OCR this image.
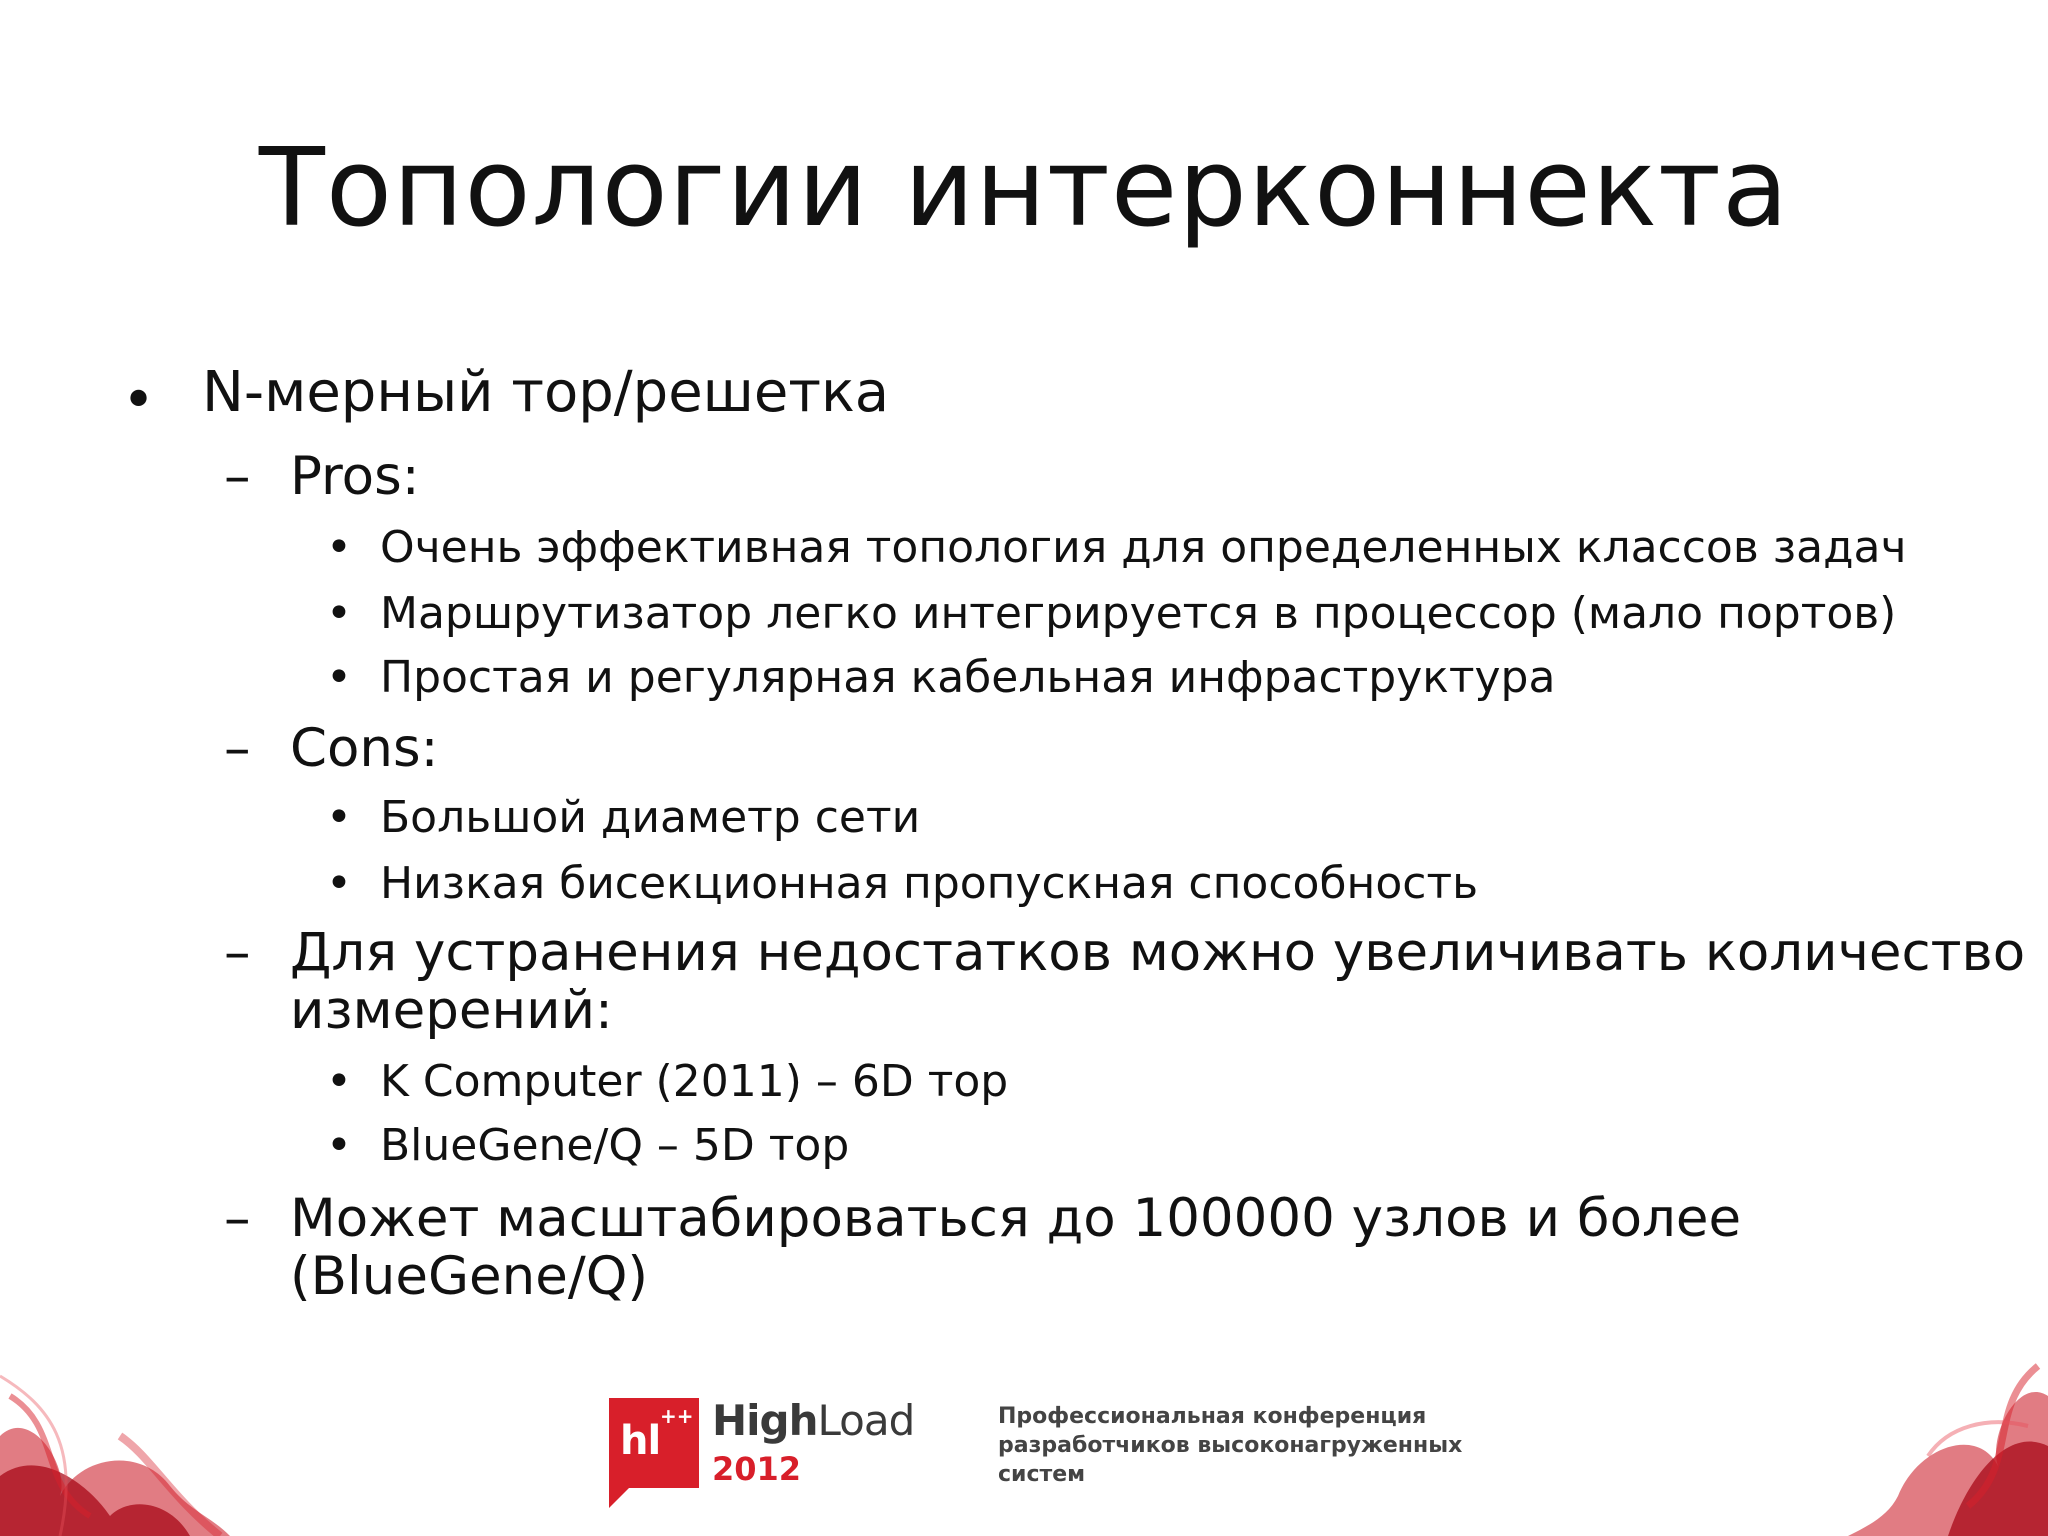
Топологии интерконнекта
• N-мерный тор/решетка
– Pros:
• Очень эффективная топология для определенных классов задач
• Маршрутизатор легко интегрируется в процессор (мало портов)
• Простая и регулярная кабельная инфраструктура
– Cons:
• Большой диаметр сети
• Низкая бисекционная пропускная способность
– Для устранения недостатков можно увеличивать количество
измерений:
• K Computer (2011) – 6D тор
• BlueGene/Q – 5D тор
– Может масштабироваться до 100000 узлов и более
(BlueGene/Q)
hl
++ HighLoad
2012
Профессиональная конференция
разработчиков высоконагруженных
систем
